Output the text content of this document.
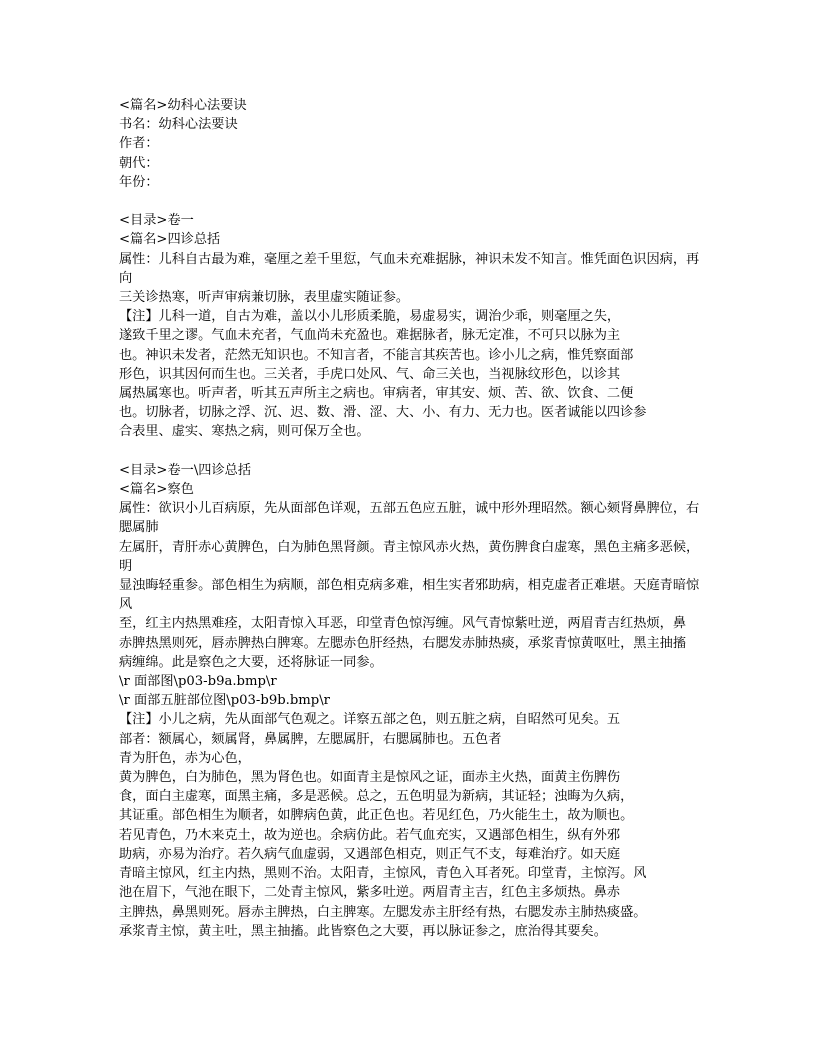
<篇名>幼科心法要诀
书名：幼科心法要诀
作者：
朝代：
年份：
<目录>卷一
<篇名>四诊总括
属性：儿科自古最为难，毫厘之差千里愆，气血未充难据脉，神识未发不知言。惟凭面色识因病，再向
三关诊热寒，听声审病兼切脉，表里虚实随证参。
【注】儿科一道，自古为难，盖以小儿形质柔脆，易虚易实，调治少乖，则毫厘之失，
遂致千里之谬。气血未充者，气血尚未充盈也。难据脉者，脉无定准，不可只以脉为主
也。神识未发者，茫然无知识也。不知言者，不能言其疾苦也。诊小儿之病，惟凭察面部
形色，识其因何而生也。三关者，手虎口处风、气、命三关也，当视脉纹形色，以诊其
属热属寒也。听声者，听其五声所主之病也。审病者，审其安、烦、苦、欲、饮食、二便
也。切脉者，切脉之浮、沉、迟、数、滑、涩、大、小、有力、无力也。医者诚能以四诊参
合表里、虚实、寒热之病，则可保万全也。
<目录>卷一\四诊总括
<篇名>察色
属性：欲识小儿百病原，先从面部色详观，五部五色应五脏，诚中形外理昭然。额心颏肾鼻脾位，右腮属肺
左属肝，青肝赤心黄脾色，白为肺色黑肾颜。青主惊风赤火热，黄伤脾食白虚寒，黑色主痛多恶候，明
显浊晦轻重参。部色相生为病顺，部色相克病多难，相生实者邪助病，相克虚者正难堪。天庭青暗惊风
至，红主内热黑难痊，太阳青惊入耳恶，印堂青色惊泻缠。风气青惊紫吐逆，两眉青吉红热烦，鼻
赤脾热黑则死，唇赤脾热白脾寒。左腮赤色肝经热，右腮发赤肺热痰，承浆青惊黄呕吐，黑主抽搐
病缠绵。此是察色之大要，还将脉证一同参。
\r 面部图\p03-b9a.bmp\r
\r 面部五脏部位图\p03-b9b.bmp\r
【注】小儿之病，先从面部气色观之。详察五部之色，则五脏之病，自昭然可见矣。五
部者：额属心，颏属肾，鼻属脾，左腮属肝，右腮属肺也。五色者
青为肝色，赤为心色，
黄为脾色，白为肺色，黑为肾色也。如面青主是惊风之证，面赤主火热，面黄主伤脾伤
食，面白主虚寒，面黑主痛，多是恶候。总之，五色明显为新病，其证轻；浊晦为久病，
其证重。部色相生为顺者，如脾病色黄，此正色也。若见红色，乃火能生土，故为顺也。
若见青色，乃木来克土，故为逆也。余病仿此。若气血充实，又遇部色相生，纵有外邪
助病，亦易为治疗。若久病气血虚弱，又遇部色相克，则正气不支，每难治疗。如天庭
青暗主惊风，红主内热，黑则不治。太阳青，主惊风，青色入耳者死。印堂青，主惊泻。风
池在眉下，气池在眼下，二处青主惊风，紫多吐逆。两眉青主吉，红色主多烦热。鼻赤
主脾热，鼻黑则死。唇赤主脾热，白主脾寒。左腮发赤主肝经有热，右腮发赤主肺热痰盛。
承浆青主惊，黄主吐，黑主抽搐。此皆察色之大要，再以脉证参之，庶治得其要矣。
